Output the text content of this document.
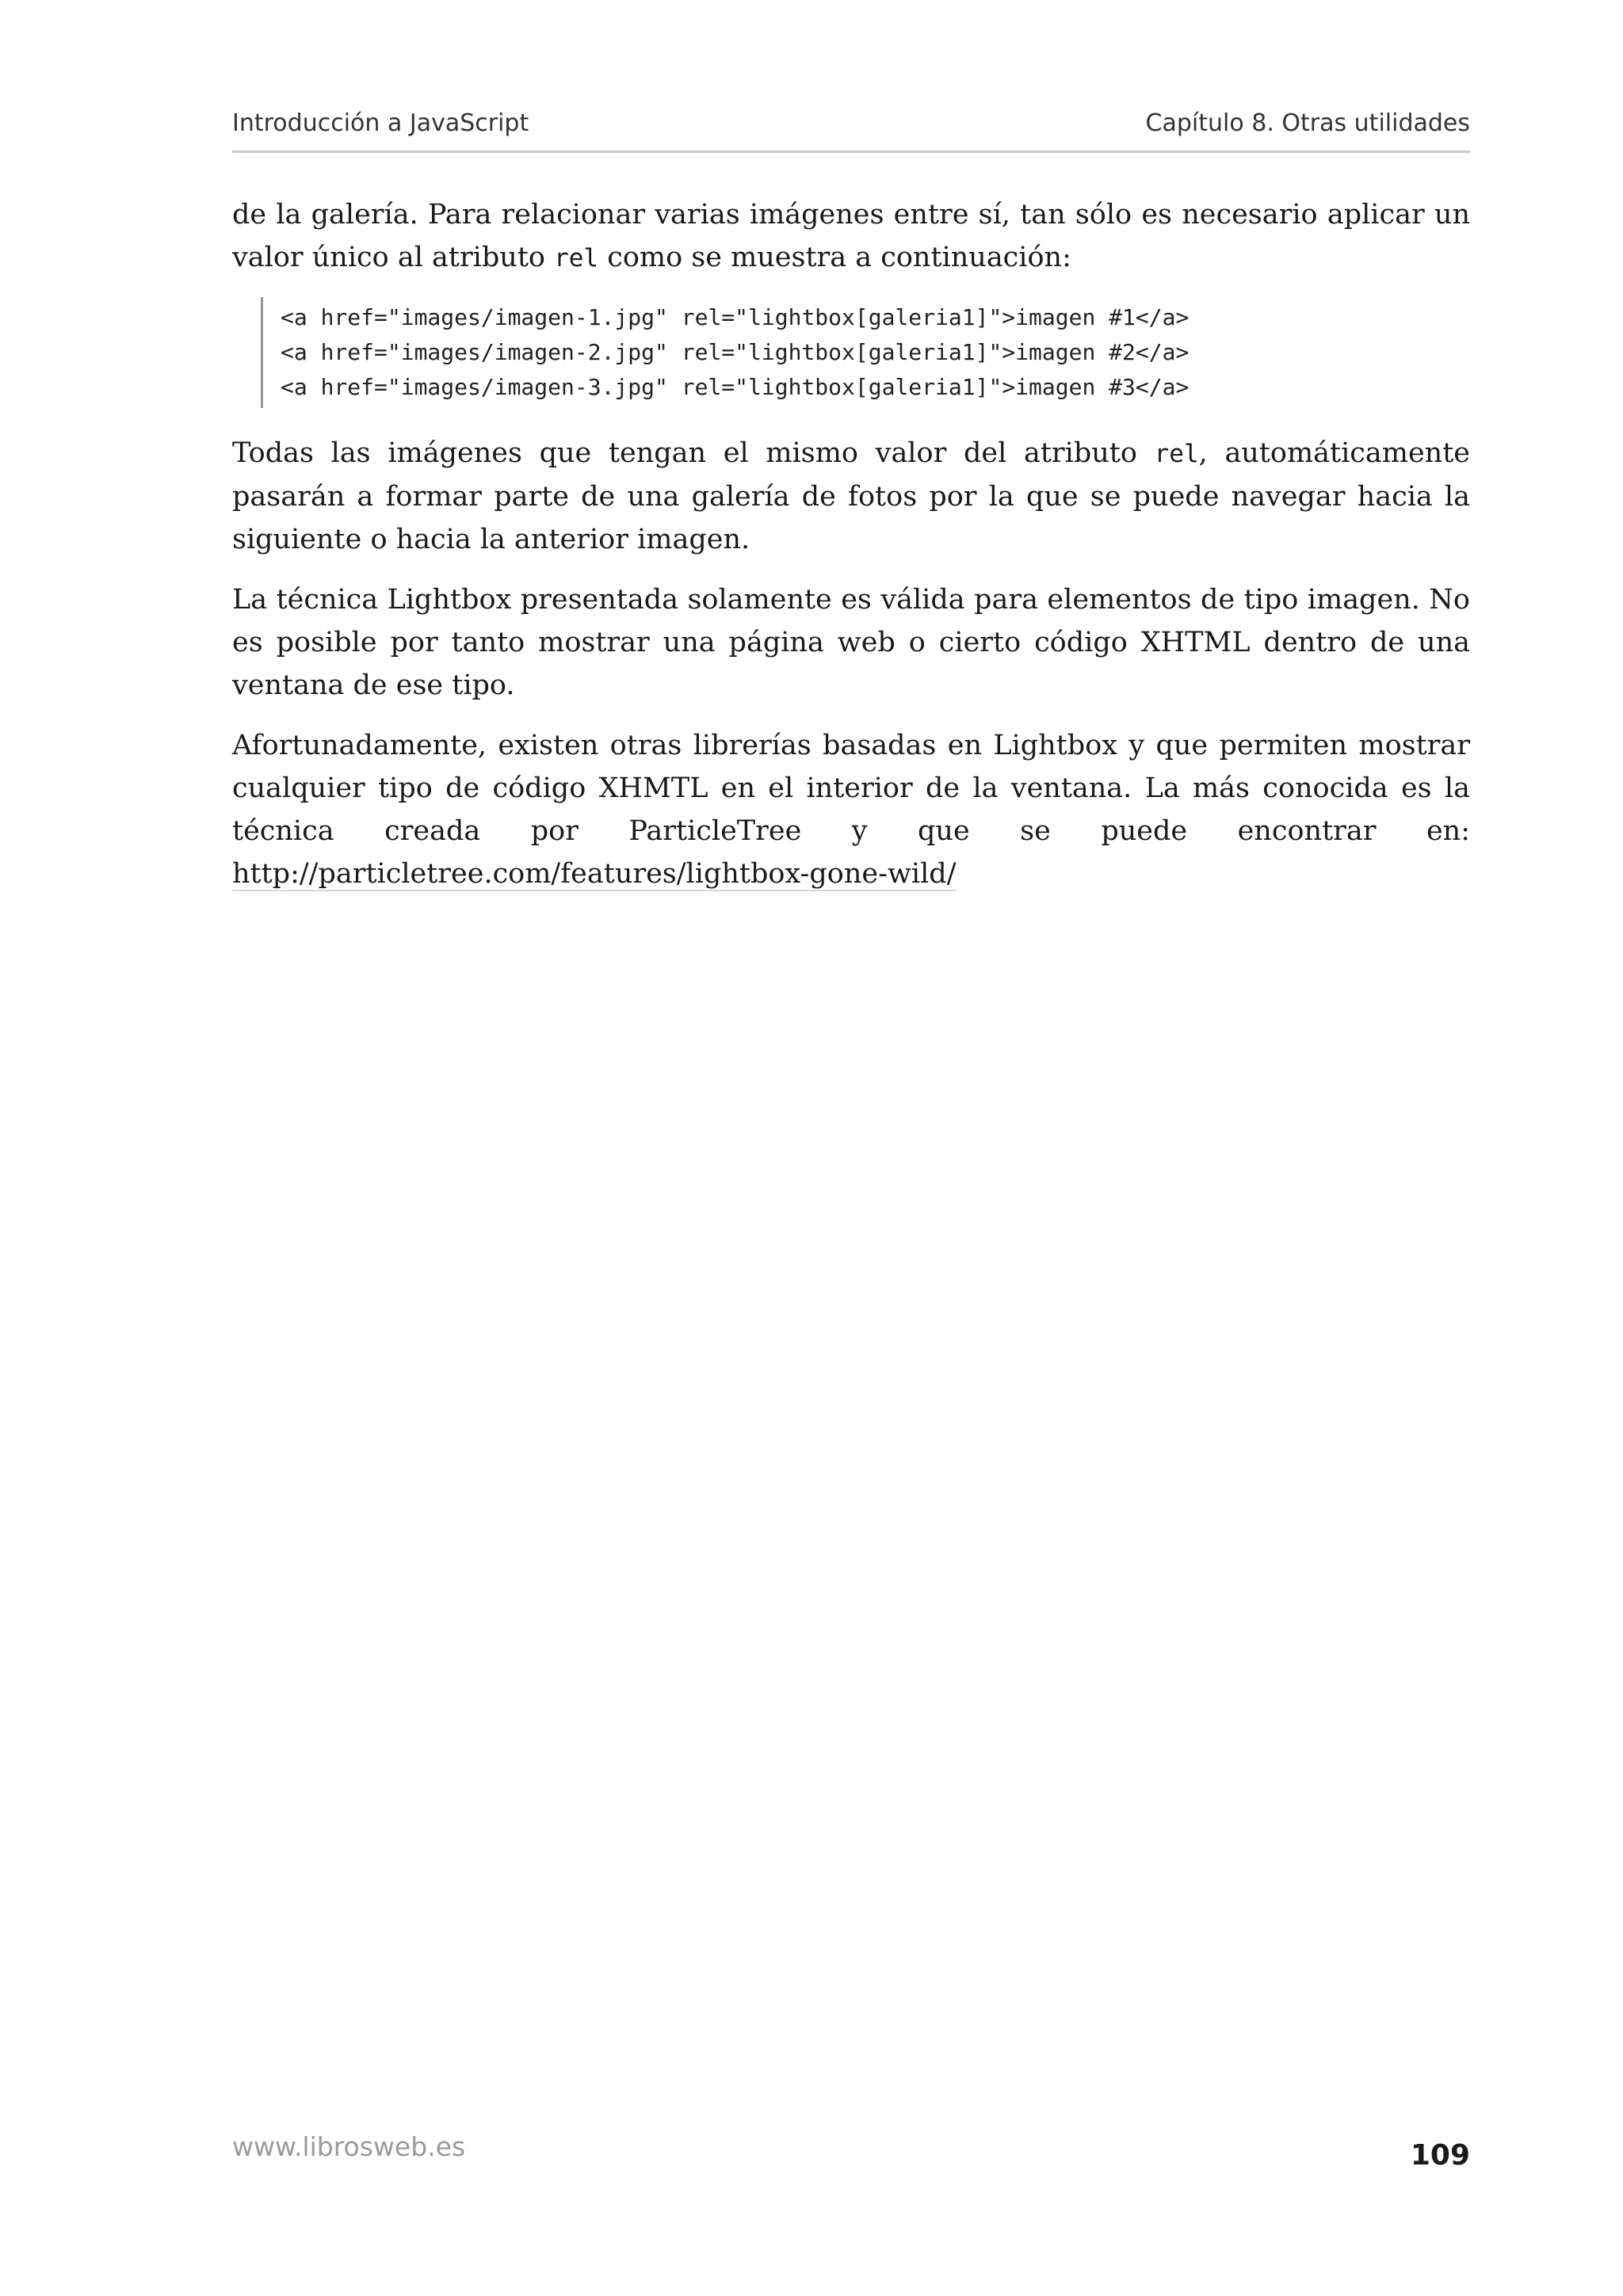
Introducción a JavaScript	Capítulo 8. Otras utilidades

de la galería. Para relacionar varias imágenes entre sí, tan sólo es necesario aplicar un valor único al atributo rel como se muestra a continuación:

<a href="images/imagen-1.jpg" rel="lightbox[galeria1]">imagen #1</a>
<a href="images/imagen-2.jpg" rel="lightbox[galeria1]">imagen #2</a>
<a href="images/imagen-3.jpg" rel="lightbox[galeria1]">imagen #3</a>

Todas las imágenes que tengan el mismo valor del atributo rel, automáticamente pasarán a formar parte de una galería de fotos por la que se puede navegar hacia la siguiente o hacia la anterior imagen.

La técnica Lightbox presentada solamente es válida para elementos de tipo imagen. No es posible por tanto mostrar una página web o cierto código XHTML dentro de una ventana de ese tipo.

Afortunadamente, existen otras librerías basadas en Lightbox y que permiten mostrar cualquier tipo de código XHMTL en el interior de la ventana. La más conocida es la técnica creada por ParticleTree y que se puede encontrar en: http://particletree.com/features/lightbox-gone-wild/

www.librosweb.es	109
